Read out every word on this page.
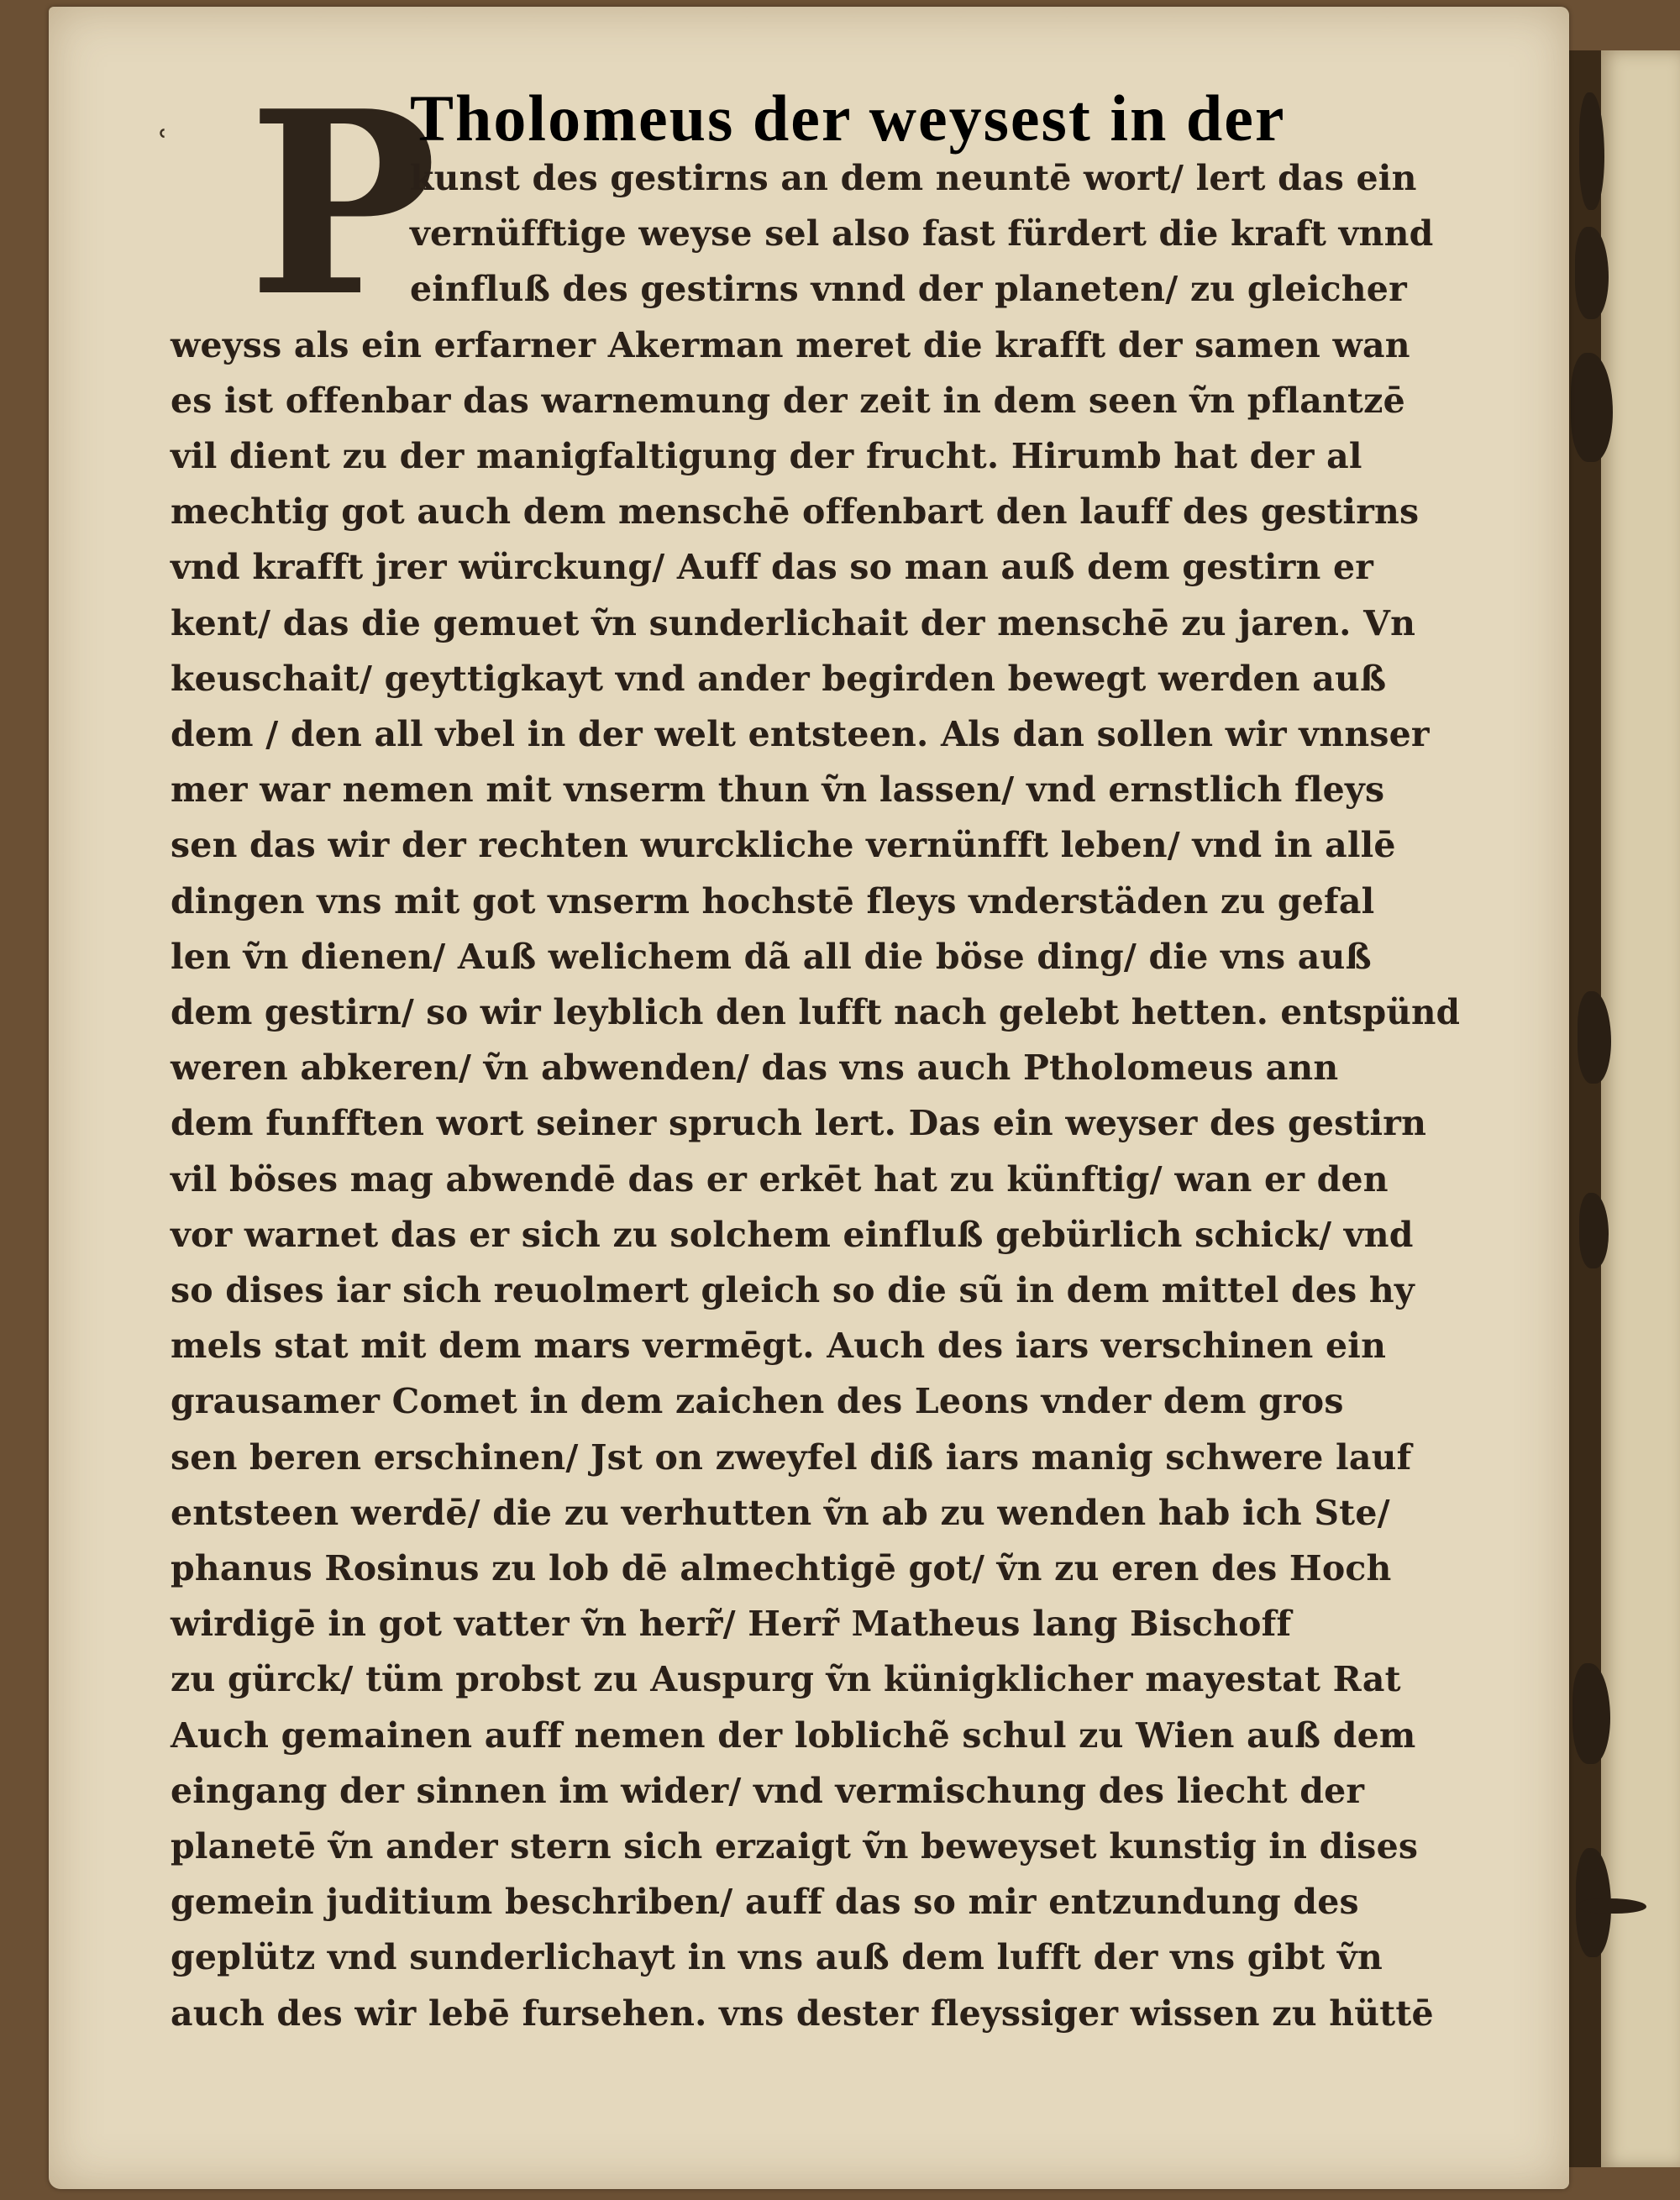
ʿ P
Tholomeus der weysest in der
kunst des gestirns an dem neuntē wort/ lert das ein
vernüfftige weyse sel also fast fürdert die kraft vnnd
einfluß des gestirns vnnd der planeten/ zu gleicher
weyss als ein erfarner Akerman meret die krafft der samen wan
es ist offenbar das warnemung der zeit in dem seen ṽn pflantzē
vil dient zu der manigfaltigung der frucht. Hirumb hat der al
mechtig got auch dem menschē offenbart den lauff des gestirns
vnd krafft jrer würckung/ Auff das so man auß dem gestirn er
kent/ das die gemuet ṽn sunderlichait der menschē zu jaren. Vn
keuschait/ geyttigkayt vnd ander begirden bewegt werden auß
dem / den all vbel in der welt entsteen. Als dan sollen wir vnnser
mer war nemen mit vnserm thun ṽn lassen/ vnd ernstlich fleys
sen das wir der rechten wurckliche vernünfft leben/ vnd in allē
dingen vns mit got vnserm hochstē fleys vnderstäden zu gefal
len ṽn dienen/ Auß welichem dã all die böse ding/ die vns auß
dem gestirn/ so wir leyblich den lufft nach gelebt hetten. entspünd
weren abkeren/ ṽn abwenden/ das vns auch Ptholomeus ann
dem funfften wort seiner spruch lert. Das ein weyser des gestirn
vil böses mag abwendē das er erkēt hat zu künftig/ wan er den
vor warnet das er sich zu solchem einfluß gebürlich schick/ vnd
so dises iar sich reuolmert gleich so die sũ in dem mittel des hy
mels stat mit dem mars vermēgt. Auch des iars verschinen ein
grausamer Comet in dem zaichen des Leons vnder dem gros
sen beren erschinen/ Jst on zweyfel diß iars manig schwere lauf
entsteen werdē/ die zu verhutten ṽn ab zu wenden hab ich Ste/
phanus Rosinus zu lob dē almechtigē got/ ṽn zu eren des Hoch
wirdigē in got vatter ṽn herr̃/ Herr̃ Matheus lang Bischoff
zu gürck/ tüm probst zu Auspurg ṽn künigklicher mayestat Rat
Auch gemainen auff nemen der loblichẽ schul zu Wien auß dem
eingang der sinnen im wider/ vnd vermischung des liecht der
planetē ṽn ander stern sich erzaigt ṽn beweyset kunstig in dises
gemein juditium beschriben/ auff das so mir entzundung des
geplütz vnd sunderlichayt in vns auß dem lufft der vns gibt ṽn
auch des wir lebē fursehen. vns dester fleyssiger wissen zu hüttē
